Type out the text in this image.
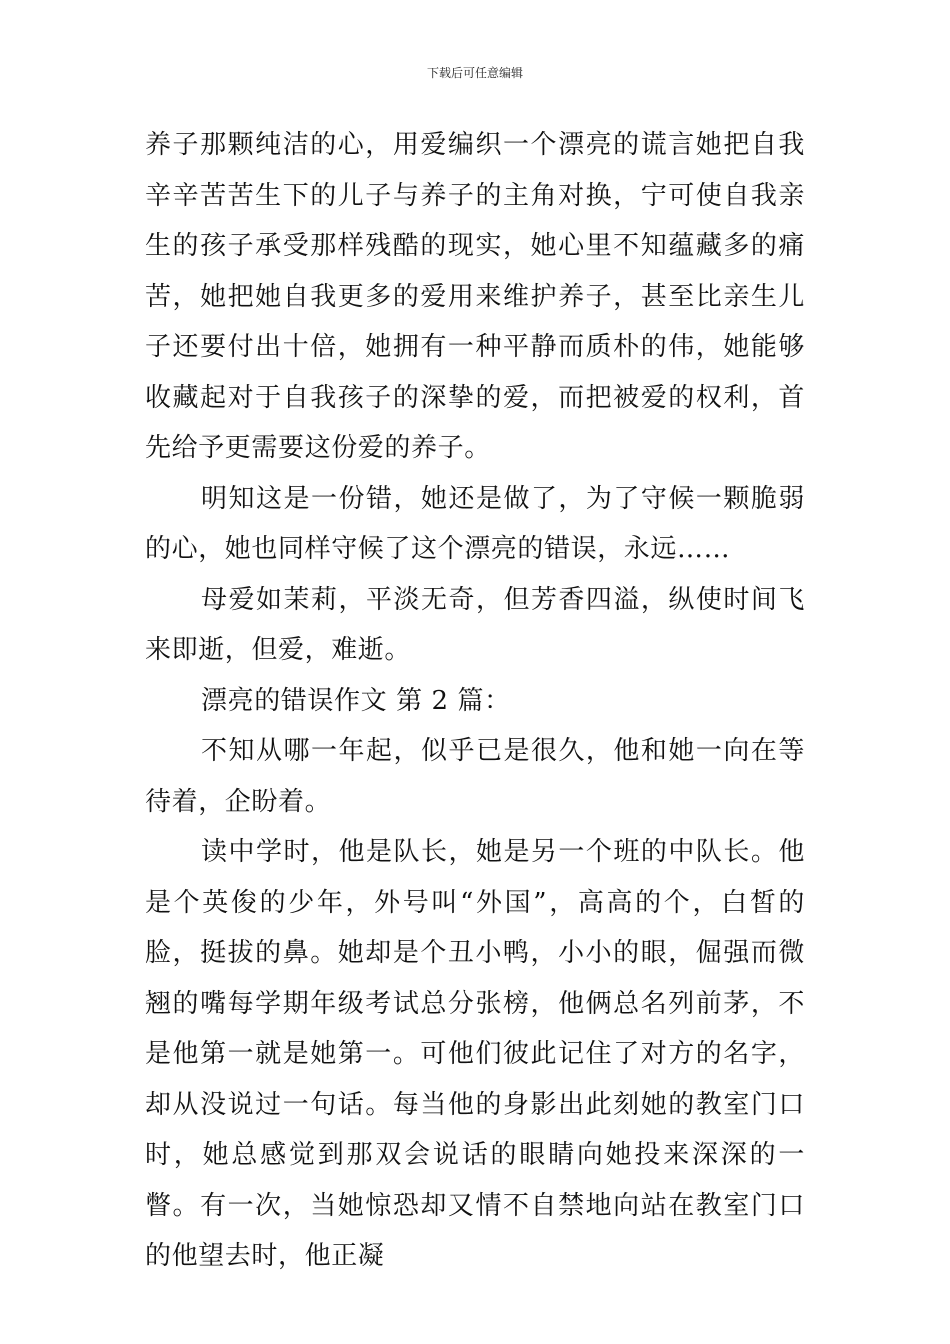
下载后可任意编辑

养子那颗纯洁的心，用爱编织一个漂亮的谎言她把自我辛辛苦苦生下的儿子与养子的主角对换，宁可使自我亲生的孩子承受那样残酷的现实，她心里不知蕴藏多的痛苦，她把她自我更多的爱用来维护养子，甚至比亲生儿子还要付出十倍，她拥有一种平静而质朴的伟，她能够收藏起对于自我孩子的深挚的爱，而把被爱的权利，首先给予更需要这份爱的养子。

明知这是一份错，她还是做了，为了守候一颗脆弱的心，她也同样守候了这个漂亮的错误，永远……

母爱如茉莉，平淡无奇，但芳香四溢，纵使时间飞来即逝，但爱，难逝。

漂亮的错误作文 第 2 篇：

不知从哪一年起，似乎已是很久，他和她一向在等待着，企盼着。

读中学时，他是队长，她是另一个班的中队长。他是个英俊的少年，外号叫“外国”，高高的个，白皙的脸，挺拔的鼻。她却是个丑小鸭，小小的眼，倔强而微翘的嘴每学期年级考试总分张榜，他俩总名列前茅，不是他第一就是她第一。可他们彼此记住了对方的名字，却从没说过一句话。每当他的身影出此刻她的教室门口时，她总感觉到那双会说话的眼睛向她投来深深的一瞥。有一次，当她惊恐却又情不自禁地向站在教室门口的他望去时，他正凝
